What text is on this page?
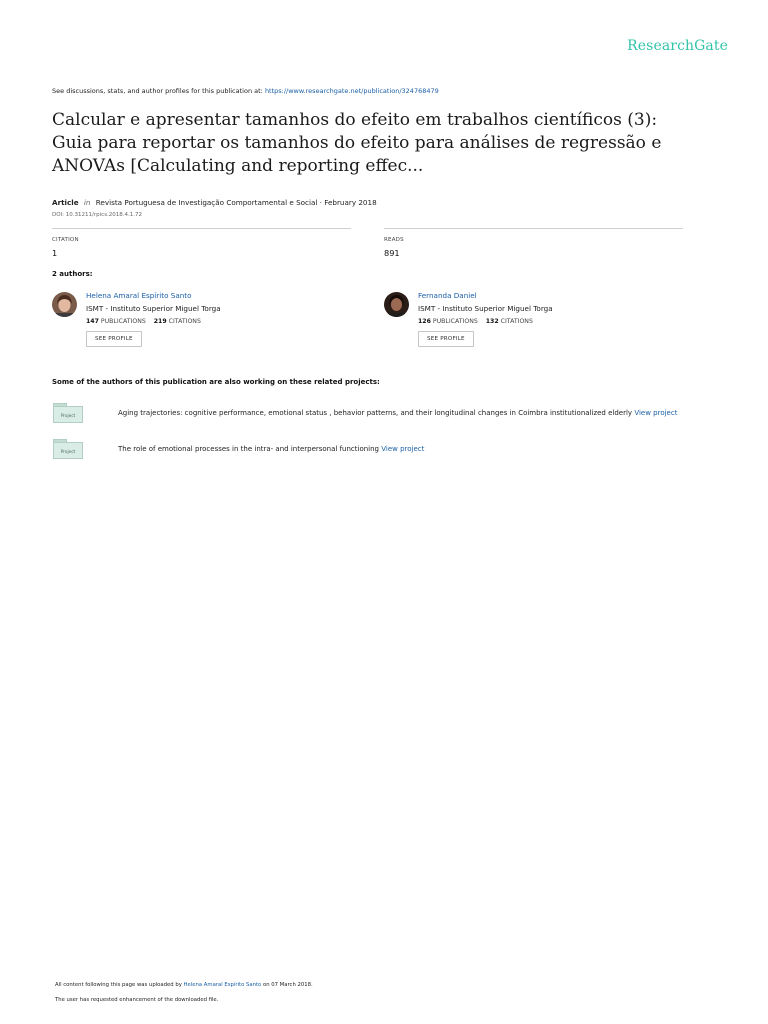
ResearchGate
See discussions, stats, and author profiles for this publication at: https://www.researchgate.net/publication/324768479
Calcular e apresentar tamanhos do efeito em trabalhos científicos (3): Guia para reportar os tamanhos do efeito para análises de regressão e ANOVAs [Calculating and reporting effec...
Article in Revista Portuguesa de Investigação Comportamental e Social · February 2018
DOI: 10.31211/rpics.2018.4.1.72
CITATION
1
READS
891
2 authors:
Helena Amaral Espírito Santo
ISMT - Instituto Superior Miguel Torga
147 PUBLICATIONS 219 CITATIONS
SEE PROFILE
Fernanda Daniel
ISMT - Instituto Superior Miguel Torga
126 PUBLICATIONS 132 CITATIONS
SEE PROFILE
Some of the authors of this publication are also working on these related projects:
Project	Aging trajectories: cognitive performance, emotional status , behavior patterns, and their longitudinal changes in Coimbra institutionalized elderly View project
Project	The role of emotional processes in the intra- and interpersonal functioning View project
All content following this page was uploaded by Helena Amaral Espírito Santo on 07 March 2018.
The user has requested enhancement of the downloaded file.
